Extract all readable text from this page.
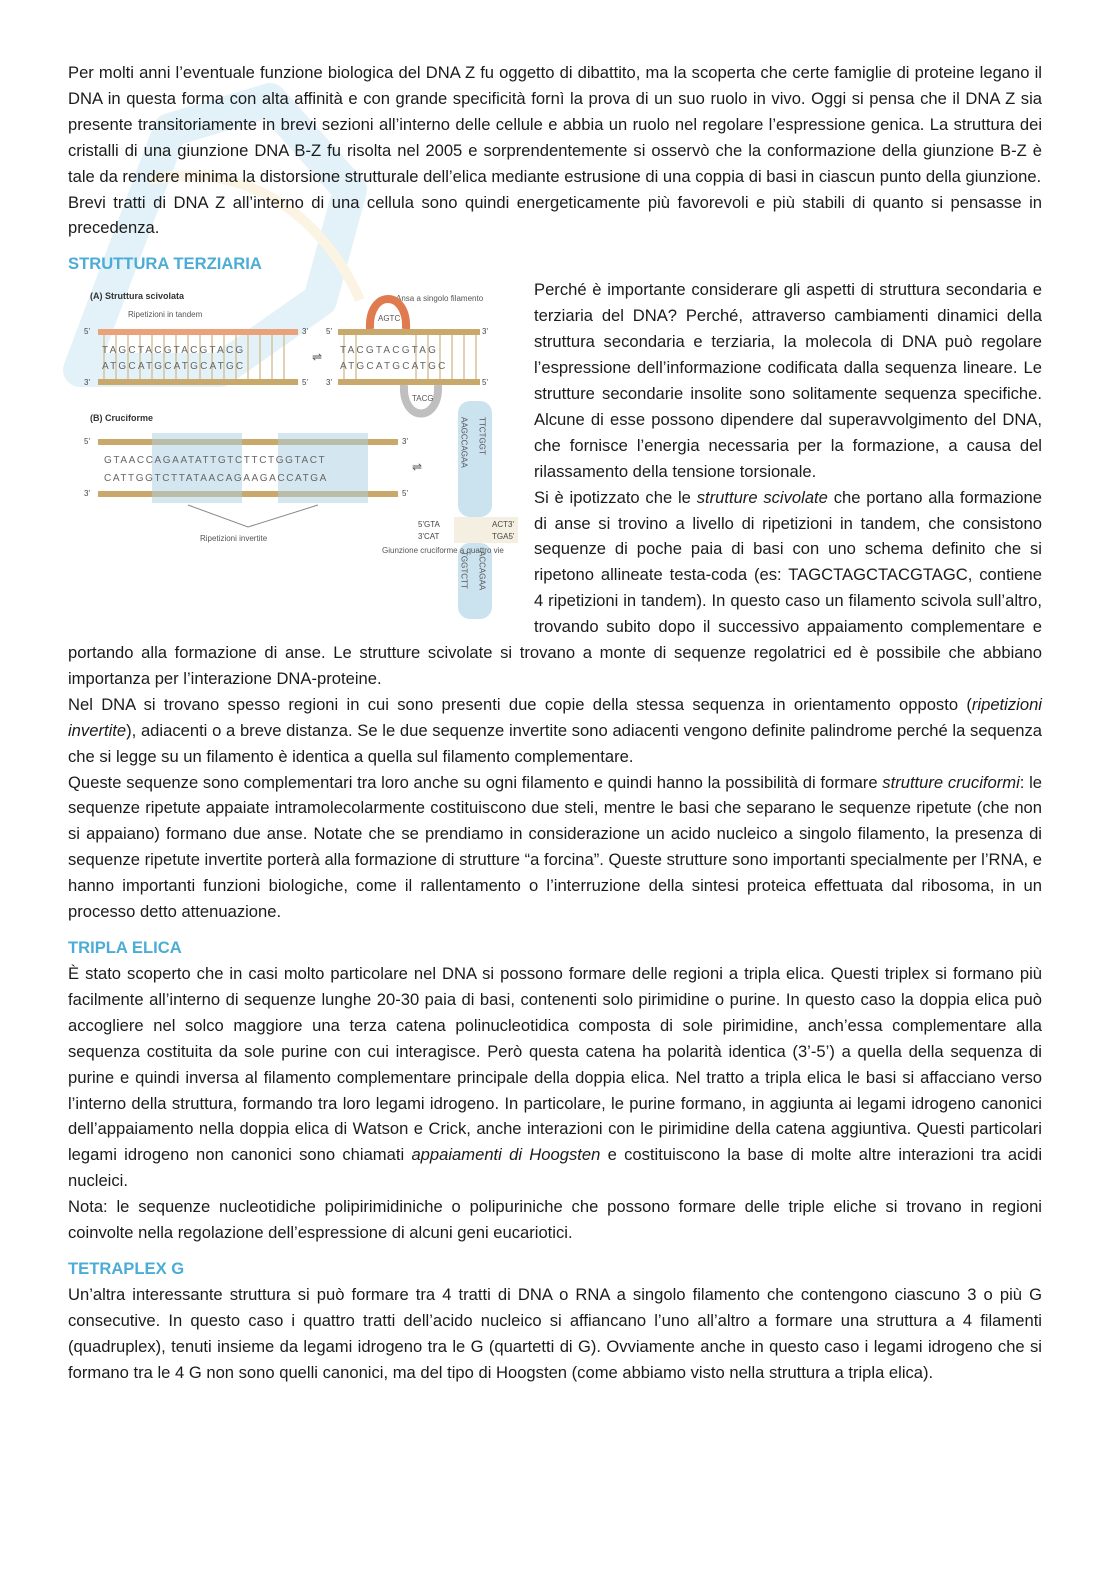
Per molti anni l’eventuale funzione biologica del DNA Z fu oggetto di dibattito, ma la scoperta che certe famiglie di proteine legano il DNA in questa forma con alta affinità e con grande specificità fornì la prova di un suo ruolo in vivo. Oggi si pensa che il DNA Z sia presente transitoriamente in brevi sezioni all’interno delle cellule e abbia un ruolo nel regolare l’espressione genica. La struttura dei cristalli di una giunzione DNA B-Z fu risolta nel 2005 e sorprendentemente si osservò che la conformazione della giunzione B-Z è tale da rendere minima la distorsione strutturale dell’elica mediante estrusione di una coppia di basi in ciascun punto della giunzione.

Brevi tratti di DNA Z all’interno di una cellula sono quindi energeticamente più favorevoli e più stabili di quanto si pensasse in precedenza.

STRUTTURA TERZIARIA
(A) Struttura scivolata
Ripetizioni in tandem
Ansa a singolo filamento
TAGCTACGTACGTACG
ATGCATGCATGCATGC
5'	3'
3'	5'
⇌ TACGTACGTAG
ATGCATGCATGC
AGTC
TACG
5'	3'
3'	5'
(B) Cruciforme
GTAACCAGAATATTGTCTTCTGGTACT
CATTGGTCTTATAACAGAAGACCATGA
5'	3'
3'	5'
Ripetizioni invertite
⇌	AAGCCAGAA TTCTGGT
TGGTCTT ACCAGAA
5'GTA
3'CAT
ACT3'
TGA5'
Giunzione cruciforme a quattro vie

Perché è importante considerare gli aspetti di struttura secondaria e terziaria del DNA? Perché, attraverso cambiamenti dinamici della struttura secondaria e terziaria, la molecola di DNA può regolare l’espressione dell’informazione codificata dalla sequenza lineare. Le strutture secondarie insolite sono solitamente sequenza specifiche. Alcune di esse possono dipendere dal superavvolgimento del DNA, che fornisce l’energia necessaria per la formazione, a causa del rilassamento della tensione torsionale.

Si è ipotizzato che le strutture scivolate che portano alla formazione di anse si trovino a livello di ripetizioni in tandem, che consistono sequenze di poche paia di basi con uno schema definito che si ripetono allineate testa-coda (es: TAGCTAGCTACGTAGC, contiene 4 ripetizioni in tandem). In questo caso un filamento scivola sull’altro, trovando subito dopo il successivo appaiamento complementare e portando alla formazione di anse. Le strutture scivolate si trovano a monte di sequenze regolatrici ed è possibile che abbiano importanza per l’interazione DNA-proteine.

Nel DNA si trovano spesso regioni in cui sono presenti due copie della stessa sequenza in orientamento opposto (ripetizioni invertite), adiacenti o a breve distanza. Se le due sequenze invertite sono adiacenti vengono definite palindrome perché la sequenza che si legge su un filamento è identica a quella sul filamento complementare.

Queste sequenze sono complementari tra loro anche su ogni filamento e quindi hanno la possibilità di formare strutture cruciformi: le sequenze ripetute appaiate intramolecolarmente costituiscono due steli, mentre le basi che separano le sequenze ripetute (che non si appaiano) formano due anse. Notate che se prendiamo in considerazione un acido nucleico a singolo filamento, la presenza di sequenze ripetute invertite porterà alla formazione di strutture “a forcina”. Queste strutture sono importanti specialmente per l’RNA, e hanno importanti funzioni biologiche, come il rallentamento o l’interruzione della sintesi proteica effettuata dal ribosoma, in un processo detto attenuazione.

TRIPLA ELICA

È stato scoperto che in casi molto particolare nel DNA si possono formare delle regioni a tripla elica. Questi triplex si formano più facilmente all’interno di sequenze lunghe 20-30 paia di basi, contenenti solo pirimidine o purine. In questo caso la doppia elica può accogliere nel solco maggiore una terza catena polinucleotidica composta di sole pirimidine, anch’essa complementare alla sequenza costituita da sole purine con cui interagisce. Però questa catena ha polarità identica (3’-5’) a quella della sequenza di purine e quindi inversa al filamento complementare principale della doppia elica. Nel tratto a tripla elica le basi si affacciano verso l’interno della struttura, formando tra loro legami idrogeno. In particolare, le purine formano, in aggiunta ai legami idrogeno canonici dell’appaiamento nella doppia elica di Watson e Crick, anche interazioni con le pirimidine della catena aggiuntiva. Questi particolari legami idrogeno non canonici sono chiamati appaiamenti di Hoogsten e costituiscono la base di molte altre interazioni tra acidi nucleici.

Nota: le sequenze nucleotidiche polipirimidiniche o polipuriniche che possono formare delle triple eliche si trovano in regioni coinvolte nella regolazione dell’espressione di alcuni geni eucariotici.

TETRAPLEX G

Un’altra interessante struttura si può formare tra 4 tratti di DNA o RNA a singolo filamento che contengono ciascuno 3 o più G consecutive. In questo caso i quattro tratti dell’acido nucleico si affiancano l’uno all’altro a formare una struttura a 4 filamenti (quadruplex), tenuti insieme da legami idrogeno tra le G (quartetti di G). Ovviamente anche in questo caso i legami idrogeno che si formano tra le 4 G non sono quelli canonici, ma del tipo di Hoogsten (come abbiamo visto nella struttura a tripla elica).
